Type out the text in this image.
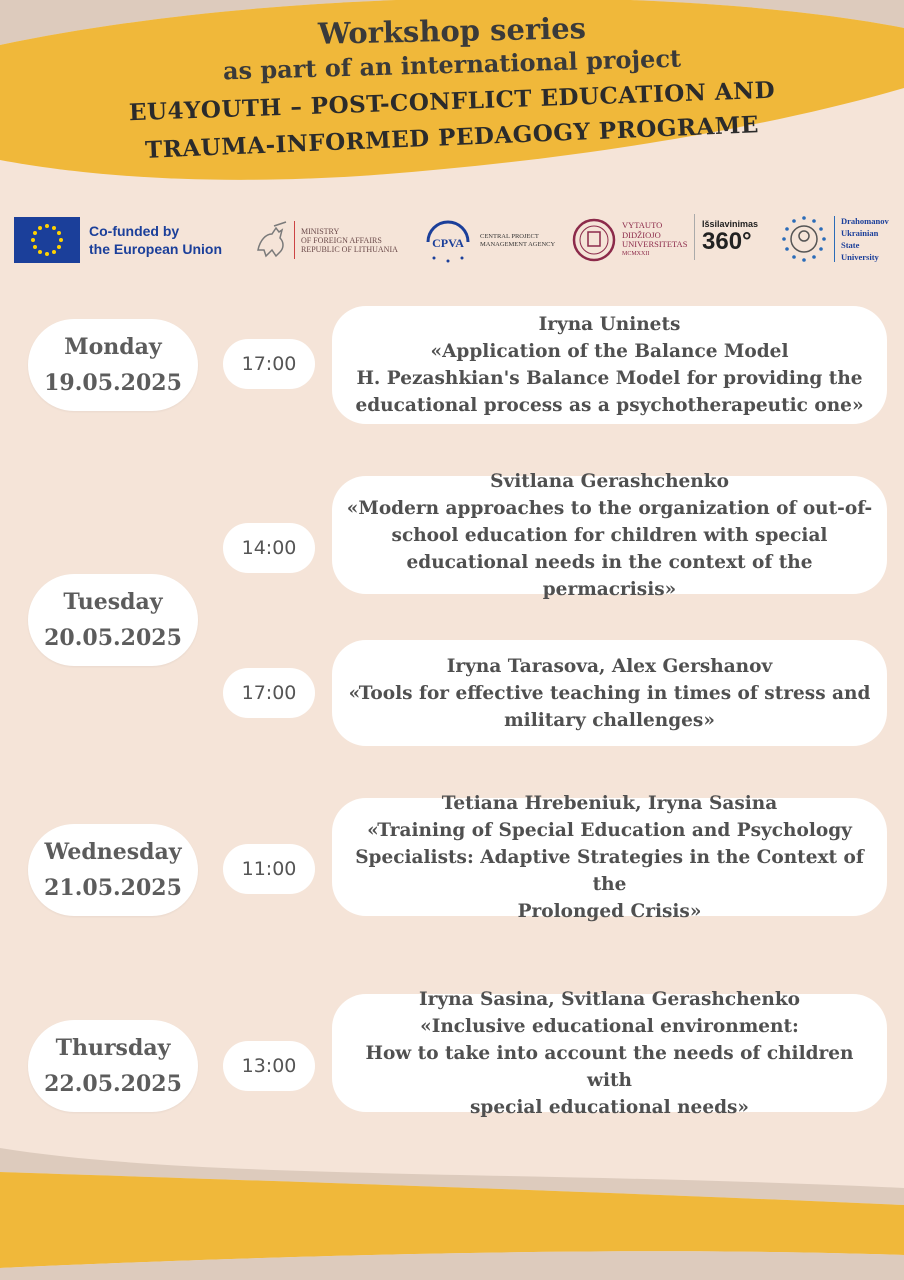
Workshop series
as part of an international project
EU4YOUTH – POST-CONFLICT EDUCATION AND
TRAUMA-INFORMED PEDAGOGY PROGRAME
Co-funded by
the European Union
MINISTRY
OF FOREIGN AFFAIRS
REPUBLIC OF LITHUANIA	CPVA	CENTRAL PROJECT
MANAGEMENT AGENCY
VYTAUTO
DIDŽIOJO
UNIVERSITETAS
MCMXXII
Išsilavinimas
360°
Drahomanov
Ukrainian
State
University
Monday
19.05.2025
17:00
Iryna Uninets
«Application of the Balance Model
H. Pezashkian's Balance Model for providing the
educational process as a psychotherapeutic one»
Tuesday
20.05.2025
14:00
Svitlana Gerashchenko
«Modern approaches to the organization of out-of-
school education for children with special
educational needs in the context of the permacrisis»
17:00
Iryna Tarasova, Alex Gershanov
«Tools for effective teaching in times of stress and
military challenges»
Wednesday
21.05.2025
11:00
Tetiana Hrebeniuk, Iryna Sasina
«Training of Special Education and Psychology
Specialists: Adaptive Strategies in the Context of the
Prolonged Crisis»
Thursday
22.05.2025
13:00
Iryna Sasina, Svitlana Gerashchenko
«Inclusive educational environment:
How to take into account the needs of children with
special educational needs»
